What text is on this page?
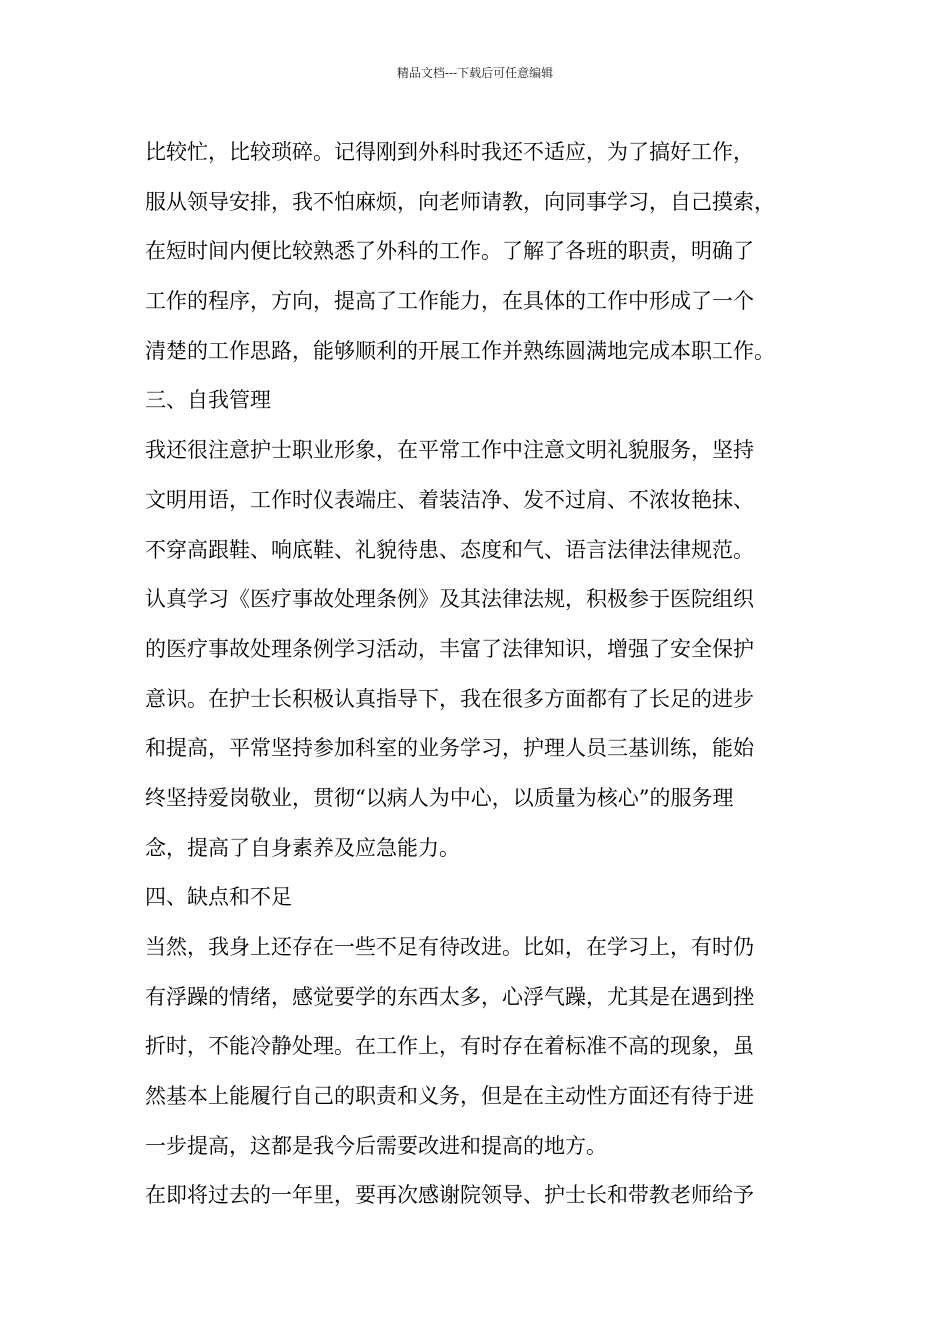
精品文档---下载后可任意编辑
比较忙，比较琐碎。记得刚到外科时我还不适应，为了搞好工作，
服从领导安排，我不怕麻烦，向老师请教，向同事学习，自己摸索，
在短时间内便比较熟悉了外科的工作。了解了各班的职责，明确了
工作的程序，方向，提高了工作能力，在具体的工作中形成了一个
清楚的工作思路，能够顺利的开展工作并熟练圆满地完成本职工作。
三、自我管理
我还很注意护士职业形象，在平常工作中注意文明礼貌服务，坚持
文明用语，工作时仪表端庄、着装洁净、发不过肩、不浓妆艳抹、
不穿高跟鞋、响底鞋、礼貌待患、态度和气、语言法律法律规范。
认真学习《医疗事故处理条例》及其法律法规，积极参于医院组织
的医疗事故处理条例学习活动，丰富了法律知识，增强了安全保护
意识。在护士长积极认真指导下，我在很多方面都有了长足的进步
和提高，平常坚持参加科室的业务学习，护理人员三基训练，能始
终坚持爱岗敬业，贯彻“以病人为中心，以质量为核心”的服务理
念，提高了自身素养及应急能力。
四、缺点和不足
当然，我身上还存在一些不足有待改进。比如，在学习上，有时仍
有浮躁的情绪，感觉要学的东西太多，心浮气躁，尤其是在遇到挫
折时，不能冷静处理。在工作上，有时存在着标准不高的现象，虽
然基本上能履行自己的职责和义务，但是在主动性方面还有待于进
一步提高，这都是我今后需要改进和提高的地方。
在即将过去的一年里，要再次感谢院领导、护士长和带教老师给予
